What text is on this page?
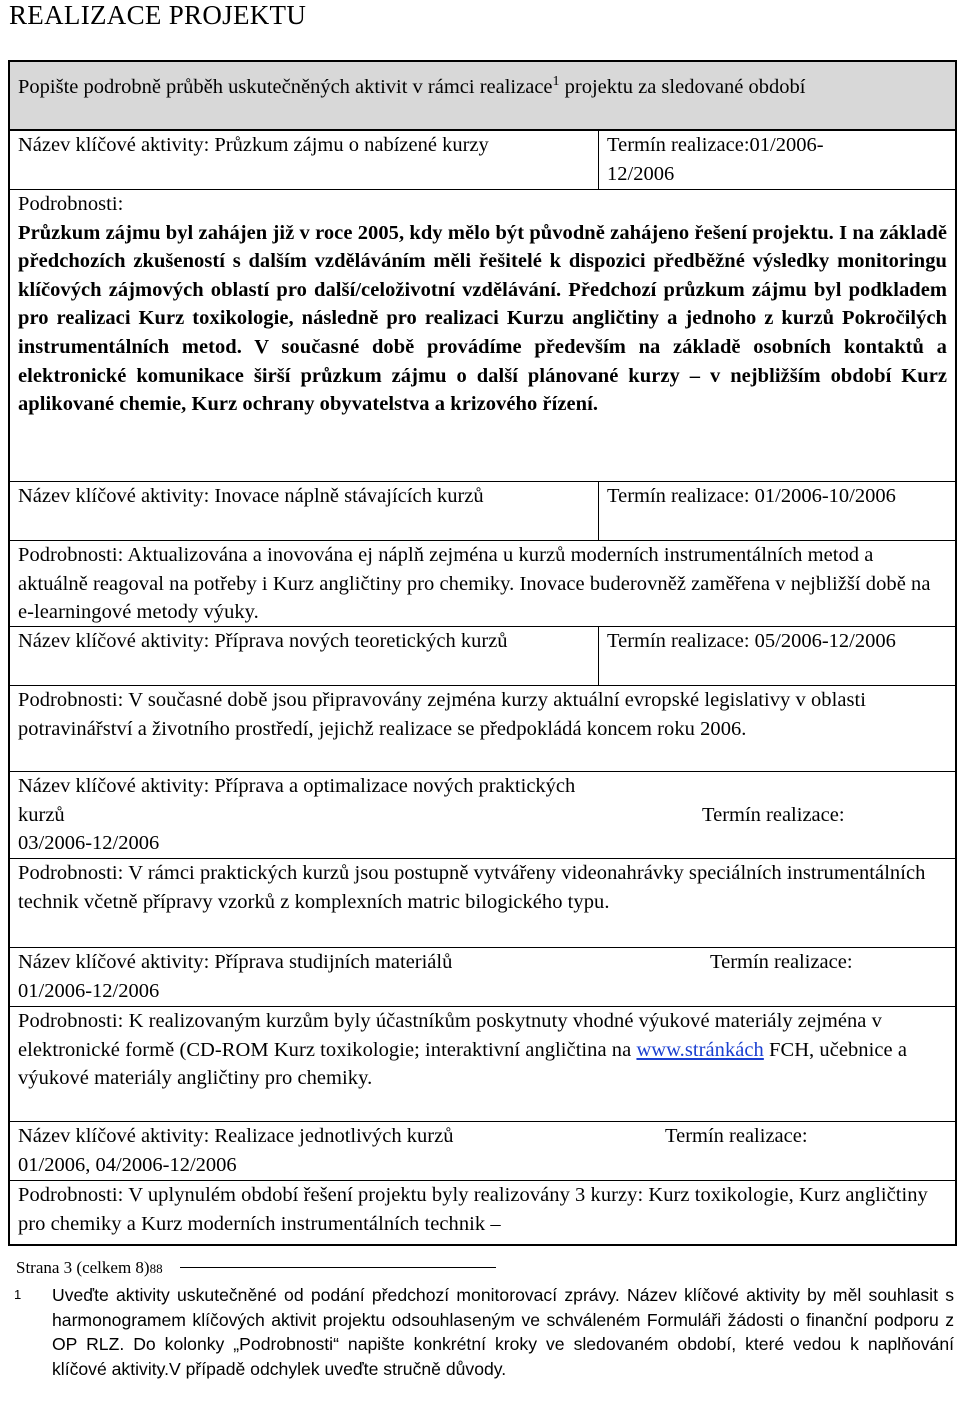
REALIZACE PROJEKTU
Popište podrobně průběh uskutečněných aktivit v rámci realizace$^1$ projektu za sledované období
Název klíčové aktivity: Průzkum zájmu o nabízené kurzy	Termín realizace:01/2006-12/2006
Podrobnosti:
Průzkum zájmu byl zahájen již v roce 2005, kdy mělo být původně zahájeno řešení projektu. I na základě předchozích zkušeností s dalším vzděláváním měli řešitelé k dispozici předběžné výsledky monitoringu klíčových zájmových oblastí pro další/celoživotní vzdělávání. Předchozí průzkum zájmu byl podkladem pro realizaci Kurz toxikologie, následně pro realizaci Kurzu angličtiny a jednoho z kurzů Pokročilých instrumentálních metod. V současné době provádíme především na základě osobních kontaktů a elektronické komunikace širší průzkum zájmu o další plánované kurzy – v nejbližším období Kurz aplikované chemie, Kurz ochrany obyvatelstva a krizového řízení.
Název klíčové aktivity: Inovace náplně stávajících kurzů	Termín realizace: 01/2006-10/2006
Podrobnosti: Aktualizována a inovována ej náplň zejména u kurzů moderních instrumentálních metod a aktuálně reagoval na potřeby i Kurz angličtiny pro chemiky. Inovace buderovněž zaměřena v nejbližší době na e-learningové metody výuky.
Název klíčové aktivity: Příprava nových teoretických kurzů	Termín realizace: 05/2006-12/2006
Podrobnosti: V současné době jsou připravovány zejména kurzy aktuální evropské legislativy v oblasti potravinářství a životního prostředí, jejichž realizace se předpokládá koncem roku 2006.
Název klíčové aktivity: Příprava a optimalizace nových praktických kurzů	Termín realizace:
03/2006-12/2006
Podrobnosti: V rámci praktických kurzů jsou postupně vytvářeny videonahrávky speciálních instrumentálních technik včetně přípravy vzorků z komplexních matric bilogického typu.
Název klíčové aktivity: Příprava studijních materiálů	Termín realizace:
01/2006-12/2006
Podrobnosti: K realizovaným kurzům byly účastníkům poskytnuty vhodné výukové materiály zejména v elektronické formě (CD-ROM Kurz toxikologie; interaktivní angličtina na www.stránkách FCH, učebnice a výukové materiály angličtiny pro chemiky.
Název klíčové aktivity: Realizace jednotlivých kurzů	Termín realizace:
01/2006, 04/2006-12/2006
Podrobnosti: V uplynulém období řešení projektu byly realizovány 3 kurzy: Kurz toxikologie, Kurz angličtiny pro chemiky a Kurz moderních instrumentálních technik –
Strana 3 (celkem 8)88
1 Uveďte aktivity uskutečněné od podání předchozí monitorovací zprávy. Název klíčové aktivity by měl souhlasit s harmonogramem klíčových aktivit projektu odsouhlaseným ve schváleném Formuláři žádosti o finanční podporu z OP RLZ. Do kolonky „Podrobnosti“ napište konkrétní kroky ve sledovaném období, které vedou k naplňování klíčové aktivity.V případě odchylek uveďte stručně důvody.
